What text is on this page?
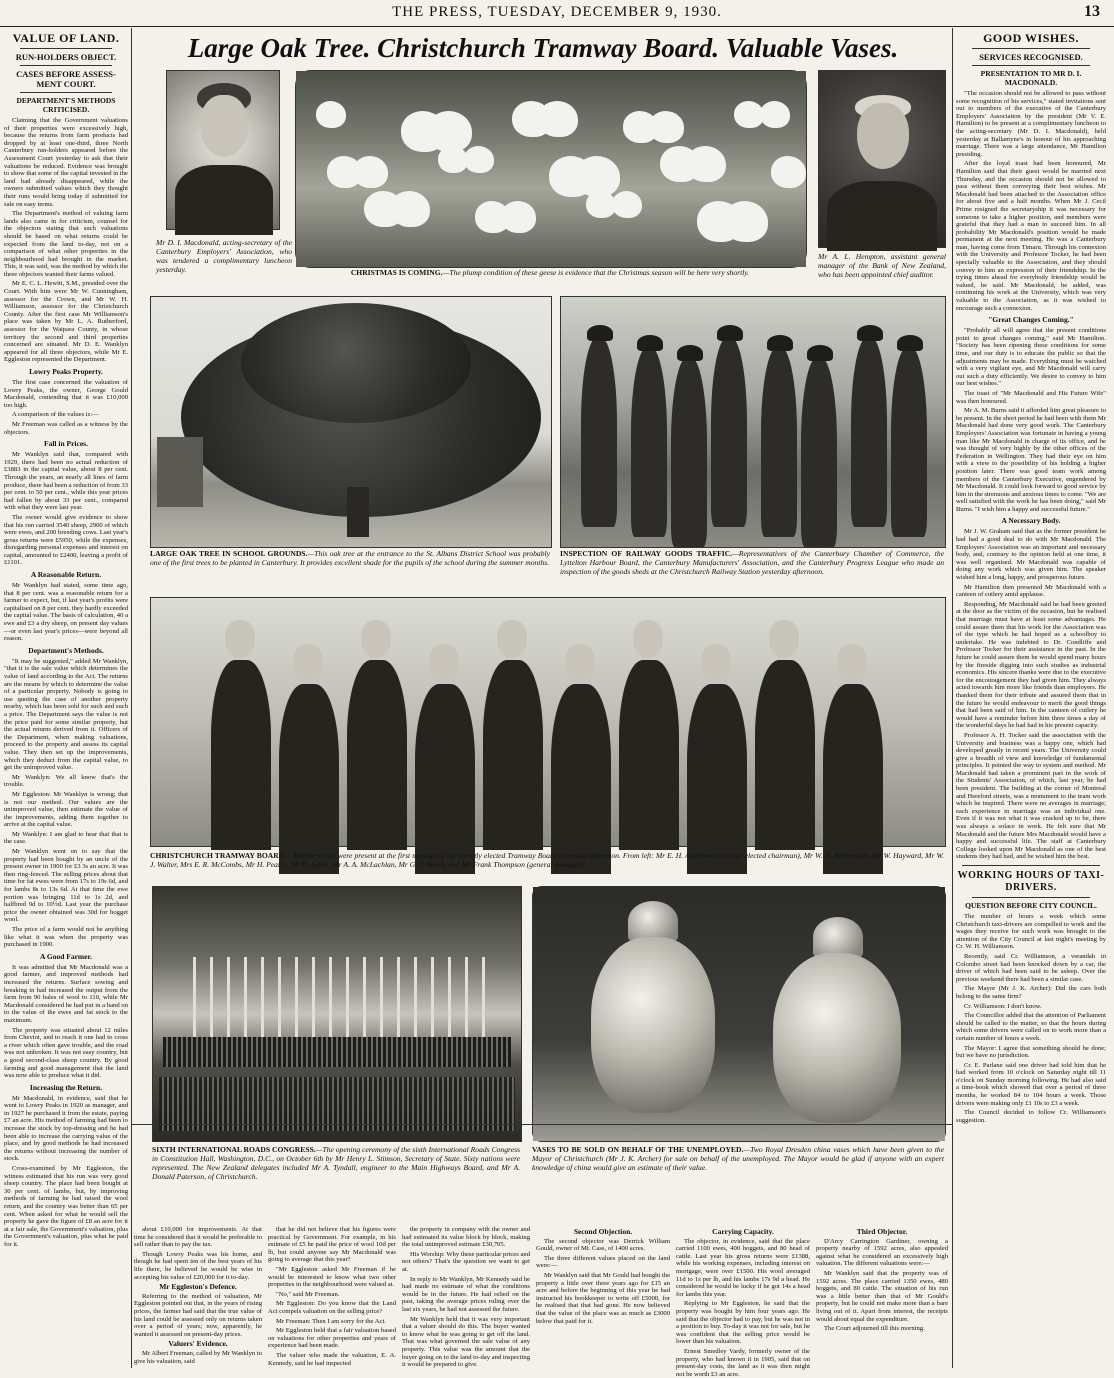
THE PRESS, TUESDAY, DECEMBER 9, 1930.	13
VALUE OF LAND.
RUN-HOLDERS OBJECT.
CASES BEFORE ASSESS-MENT COURT.
DEPARTMENT'S METHODS CRITICISED.

Claiming that the Government valuations of their properties were excessively high, because the returns from farm products had dropped by at least one-third, three North Canterbury run-holders appeared before the Assessment Court yesterday to ask that their valuations be reduced. Evidence was brought to show that some of the capital invested in the land had already disappeared, while the owners submitted values which they thought their runs would bring today if submitted for sale on easy terms.

The Department's method of valuing farm lands also came in for criticism, counsel for the objectors stating that such valuations should be based on what returns could be expected from the land to-day, not on a comparison of what other properties in the neighbourhood had brought in the market. This, it was said, was the method by which the three objectors wanted their farms valued.

Mr E. C. L. Hewitt, S.M., presided over the Court. With him were Mr W. Cunningham, assessor for the Crown, and Mr W. H. Williamson, assessor for the Christchurch County. After the first case Mr Williamson's place was taken by Mr L. A. Rutherford, assessor for the Waipara County, in whose territory the second and third properties concerned are situated. Mr D. E. Wanklyn appeared for all three objectors, while Mr E. Eggleston represented the Department.

Lowry Peaks Property.

The first case concerned the valuation of Lowry Peaks, the owner, George Gould Macdonald, contending that it was £10,000 too high.

A comparison of the values is:—

Mr Freeman was called as a witness by the objectors.

Fall in Prices.

Mr Wanklyn said that, compared with 1929, there had been no actual reduction of £3883 in the capital value, about 8 per cent. Through the years, an nearly all lines of farm produce, there had been a reduction of from 33 per cent. to 50 per cent., while this year prices had fallen by about 33 per cent., compared with what they were last year.

The owner would give evidence to show that his run carried 3540 sheep, 2900 of which were ewes, and 200 breeding cows. Last year's gross returns were £5950, while the expenses, disregarding personal expenses and interest on capital, amounted to £2400, leaving a profit of £1101.

A Reasonable Return.

Mr Wanklyn had stated, some time ago, that 8 per cent. was a reasonable return for a farmer to expect, but, if last year's profits were capitalised on 8 per cent. they hardly exceeded the capital value. The basis of calculation, 40 a ewe and £3 a dry sheep, on present day values—or even last year's prices—were beyond all reason.

Department's Methods.

"It may be suggested," added Mr Wanklyn, "that it is the sale value which determines the value of land according to the Act. The returns are the means by which to determine the value of a particular property. Nobody is going to use quoting the case of another property nearby, which has been sold for such and such a price. The Department says the value is not the price paid for some similar property, but the actual returns derived from it. Officers of the Department, when making valuations, proceed to the property and assess its capital value. They then set up the improvements, which they deduct from the capital value, to get the unimproved value.

Mr Wanklyn: We all know that's the trouble.

Mr Eggleston: Mr Wanklyn is wrong; that is not our method. Our values are the unimproved value, then estimate the value of the improvements, adding them together to arrive at the capital value.

Mr Wanklyn: I am glad to hear that that is the case.

Mr Wanklyn went on to say that the property had been bought by an uncle of the present owner in 1900 for £3 3s an acre. It was then ring-fenced. The selling prices about that time for fat ewes were from 17s to 19s 6d, and for lambs 8s to 13s 6d. At that time the ewe portion was bringing 11d to 1s 2d, and halfbred 9d to 10½d. Last year the purchase price the owner obtained was 30d for hogget wool.

The price of a farm would not be anything like what it was when the property was purchased in 1900.

A Good Farmer.

It was admitted that Mr Macdonald was a good farmer, and improved methods had increased the returns. Surface sowing and breaking in had increased the output from the farm from 90 bales of wool to 110, while Mr Macdonald considered he had put in a hand on to the value of the ewes and fat stock to the maximum.

The property was situated about 12 miles from Cheviot, and to reach it one had to cross a river which often gave trouble, and the road was not unbroken. It was not easy country, but a good second-class sheep country. By good farming and good management that the land was now able to produce what it did.

Increasing the Return.

Mr Macdonald, in evidence, said that he went to Lowry Peaks in 1920 as manager, and in 1927 he purchased it from the estate, paying £7 an acre. His method of farming had been to increase the stock by top-dressing and he had been able to increase the carrying value of the place, and by good methods he had increased the returns without increasing the number of stock.

Cross-examined by Mr Eggleston, the witness estimated that his run was very good sheep country. The place had been bought at 30 per cent. of lambs, but, by improving methods of farming he had raised the wool return, and the country was better than 65 per cent. When asked for what he would sell the property he gave the figure of £8 an acre for it at a fair sale, the Government's valuation, plus the Government's valuation, plus what he paid for it.

Large Oak Tree. Christchurch Tramway Board. Valuable Vases.
Mr D. I. Macdonald, acting-secretary of the Canterbury Employers' Association, who was tendered a complimentary luncheon yesterday.	CHRISTMAS IS COMING.—The plump condition of these geese is evidence that the Christmas season will be here very shortly.
Mr A. L. Hempton, assistant general manager of the Bank of New Zealand, who has been appointed chief auditor.
LARGE OAK TREE IN SCHOOL GROUNDS.—This oak tree at the entrance to the St. Albans District School was probably one of the first trees to be planted in Canterbury. It provides excellent shade for the pupils of the school during the summer months.
INSPECTION OF RAILWAY GOODS TRAFFIC.—Representatives of the Canterbury Chamber of Commerce, the Lyttelton Harbour Board, the Canterbury Manufacturers' Association, and the Canterbury Progress League who made an inspection of the goods sheds at the Christchurch Railway Station yesterday afternoon.
CHRISTCHURCH TRAMWAY BOARD.—Members who were present at the first meeting of the recently elected Tramway Board yesterday afternoon. From left: Mr E. H. Andrews (who was elected chairman), Mr W. H. Williamson, Mr W. Hayward, Mr W. J. Walter, Mrs E. R. McCombs, Mr H. Pearce, Mr D. Sykes, Mr A. A. McLachlan, Mr G. T. Booth, and Mr Frank Thompson (general manager).
SIXTH INTERNATIONAL ROADS CONGRESS.—The opening ceremony of the sixth International Roads Congress in Constitution Hall, Washington, D.C., on October 6th by Mr Henry L. Stimson, Secretary of State. Sixty nations were represented. The New Zealand delegates included Mr A. Tyndall, engineer to the Main Highways Board, and Mr A. Donald Paterson, of Christchurch.
VASES TO BE SOLD ON BEHALF OF THE UNEMPLOYED.—Two Royal Dresden china vases which have been given to the Mayor of Christchurch (Mr J. K. Archer) for sale on behalf of the unemployed. The Mayor would be glad if anyone with an expert knowledge of china would give an estimate of their value.
GOOD WISHES.
SERVICES RECOGNISED.
PRESENTATION TO MR D. I. MACDONALD.

"The occasion should not be allowed to pass without some recognition of his services," stated invitations sent out to members of the executive of the Canterbury Employers' Association by the president (Mr V. E. Hamilton) to be present at a complimentary luncheon to the acting-secretary (Mr D. I. Macdonald), held yesterday at Ballantyne's in honour of his approaching marriage. There was a large attendance, Mr Hamilton presiding.

After the loyal toast had been honoured, Mr Hamilton said that their guest would be married next Thursday, and the occasion should not be allowed to pass without them conveying their best wishes. Mr Macdonald had been attached to the Association office for about five and a half months. When Mr J. Cecil Prime resigned the secretaryship it was necessary for someone to take a higher position, and members were grateful that they had a man to succeed him. In all probability Mr Macdonald's position would be made permanent at the next meeting. He was a Canterbury man, having come from Timaru. Through his connexion with the University and Professor Tocker, he had been specially valuable to the Association, and they should convey to him an expression of their friendship. In the trying times ahead for everybody friendship would be valued, he said. Mr Macdonald, he added, was continuing his work at the University, which was very valuable to the Association, as it was wished to encourage such a connexion.

"Great Changes Coming."

"Probably all will agree that the present conditions point to great changes coming," said Mr Hamilton. "Society has been ripening these conditions for some time, and our duty is to educate the public so that the adjustments may be made. Everything must be watched with a very vigilant eye, and Mr Macdonald will carry out such a duty efficiently. We desire to convey to him our best wishes."

The toast of "Mr Macdonald and His Future Wife" was then honoured.

Mr A. M. Burns said it afforded him great pleasure to be present. In the short period he had been with them Mr Macdonald had done very good work. The Canterbury Employers' Association was fortunate in having a young man like Mr Macdonald in charge of its office, and he was thought of very highly by the other offices of the Federation in Wellington. They had their eye on him with a view to the possibility of his holding a higher position later. There was good team work among members of the Canterbury Executive, engendered by Mr Macdonald. It could look forward to good service by him in the strenuous and anxious times to come. "We are well satisfied with the work he has been doing," said Mr Burns. "I wish him a happy and successful future."

A Necessary Body.

Mr J. W. Graham said that as the former president he had had a good deal to do with Mr Macdonald. The Employers' Association was an important and necessary body, and, contrary to the opinion held at one time, it was well organised. Mr Macdonald was capable of doing any work which was given him. The speaker wished him a long, happy, and prosperous future.

Mr Hamilton then presented Mr Macdonald with a canteen of cutlery amid applause.

Responding, Mr Macdonald said he had been greeted at the door as the victim of the occasion, but he realised that marriage must have at least some advantages. He could assure them that his work for the Association was of the type which he had hoped as a schoolboy to undertake. He was indebted to Dr. Condliffe and Professor Tocker for their assistance in the past. In the future he could assure them he would spend many hours by the fireside digging into such studies as industrial economics. His sincere thanks were due to the executive for the encouragement they had given him. They always acted towards him more like friends than employers. He thanked them for their tribute and assured them that in the future he would endeavour to merit the good things that had been said of him. In the canteen of cutlery he would have a reminder before him three times a day of the wonderful days he had had in his present capacity.

Professor A. H. Tocker said the association with the University and business was a happy one, which had developed greatly in recent years. The University could give a breadth of view and knowledge of fundamental principles. It pointed the way to system and method. Mr Macdonald had taken a prominent part in the work of the Students' Association, of which, last year, he had been president. The building at the corner of Montreal and Hereford streets, was a monument to the team work which he inspired. There were no averages in marriage; each experience in marriage was an individual one. Even if it was not what it was cracked up to be, there was always a solace in work. He felt sure that Mr Macdonald and the future Mrs Macdonald would have a happy and successful life. The staff at Canterbury College looked upon Mr Macdonald as one of the best students they had had, and he wished him the best.

WORKING HOURS OF TAXI-DRIVERS.
QUESTION BEFORE CITY COUNCIL.

The number of hours a week which some Christchurch taxi-drivers are compelled to work and the wages they receive for such work was brought to the attention of the City Council at last night's meeting by Cr. W. H. Williamson.

Recently, said Cr. Williamson, a verandah in Colombo street had been knocked down by a car, the driver of which had been said to be asleep. Over the previous weekend there had been a similar case.

The Mayor (Mr J. K. Archer): Did the cars both belong to the same firm?

Cr. Williamson: I don't know.

The Councillor added that the attention of Parliament should be called to the matter, so that the hours during which some drivers were called on to work more than a certain number of hours a week.

The Mayor: I agree that something should be done; but we have no jurisdiction.

Cr. E. Parlane said one driver had told him that he had worked from 10 o'clock on Saturday night till 11 o'clock on Sunday morning following. He had also said a time-book which showed that over a period of three months, he worked 84 to 104 hours a week. Those drivers were making only £1 10s to £3 a week.

The Council decided to follow Cr. Williamson's suggestion.

about £10,000 for improvements. At that time he considered that it would be preferable to sell rather than to pay the tax.

Though Lowry Peaks was his home, and though he had spent ten of the best years of his life there, he believed he would be wise in accepting his value of £20,000 for it to-day.

Mr Eggleston's Defence.

Referring to the method of valuation, Mr Eggleston pointed out that, in the years of rising prices, the farmer had said that the true value of his land could be assessed only on returns taken over a period of years; now, apparently, he wanted it assessed on present-day prices.

Valuers' Evidence.

Mr Albert Freeman, called by Mr Wanklyn to give his valuation, said

that he did not believe that his figures were practical by Government. For example, in his estimate of £5 he paid the price of wool 10d per lb, but could anyone say Mr Macdonald was going to average that this year?

"Mr Eggleston asked Mr Freeman if he would be interested to know what two other properties in the neighbourhood were valued at.

"No," said Mr Freeman.

Mr Eggleston: Do you know that the Land Act compels valuation on the selling price?

Mr Freeman: Then I am sorry for the Act.

Mr Eggleston held that a fair valuation based on valuations for other properties and years of experience had been made.

The valuer who made the valuation, E. A. Kennedy, said he had inspected

the property in company with the owner and had estimated its value block by block, making the total unimproved estimate £30,705.

His Worship: Why these particular prices and not others? That's the question we want to get at.

In reply to Mr Wanklyn, Mr Kennedy said he had made no estimate of what the conditions would be in the future. He had relied on the past, taking the average prices ruling over the last six years, he had not assessed the future.

Mr Wanklyn held that it was very important that a valuer should do this. The buyer wanted to know what he was going to get off the land. That was what governed the sale value of any property. This value was the amount that the buyer going on to the land to-day and inspecting it would be prepared to give.

Second Objection.

The second objector was Derrick William Gould, owner of Mt. Cass, of 1400 acres.

The three different values placed on the land were:—

Mr Wanklyn said that Mr Gould had bought the property a little over three years ago for £15 an acre and before the beginning of this year he had instructed his bookkeeper to write off £5000, for he realised that that had gone. He now believed that the value of the place was as much as £3000 below that paid for it.

Carrying Capacity.

The objector, in evidence, said that the place carried 1100 ewes, 400 hoggets, and 80 head of cattle. Last year his gross returns were £1388, while his working expenses, including interest on mortgage, were over £1500. His wool averaged 11d to 1s per lb, and his lambs 17s 9d a head. He considered he would be lucky if he got 14s a head for lambs this year.

Replying to Mr Eggleston, he said that the property was bought by him four years ago. He said that the objector had to pay, but he was not in a position to buy. To-day it was not for sale, but he was confident that the selling price would be lower than his valuation.

Ernest Smedley Vardy, formerly owner of the property, who had known it in 1905, said that on present-day costs, the land as it was then might not be worth £3 an acre.

Third Objector.

D'Arcy Carrington Gardiner, owning a property nearby of 1592 acres, also appealed against what he considered an excessively high valuation. The different valuations were:—

Mr Wanklyn said that the property was of 1592 acres. The place carried 1350 ewes, 480 hoggets, and 80 cattle. The situation of his run was a little better than that of Mr Gould's property, but he could not make more than a bare living out of it. Apart from interest, the receipts would about equal the expenditure.

The Court adjourned till this morning.
